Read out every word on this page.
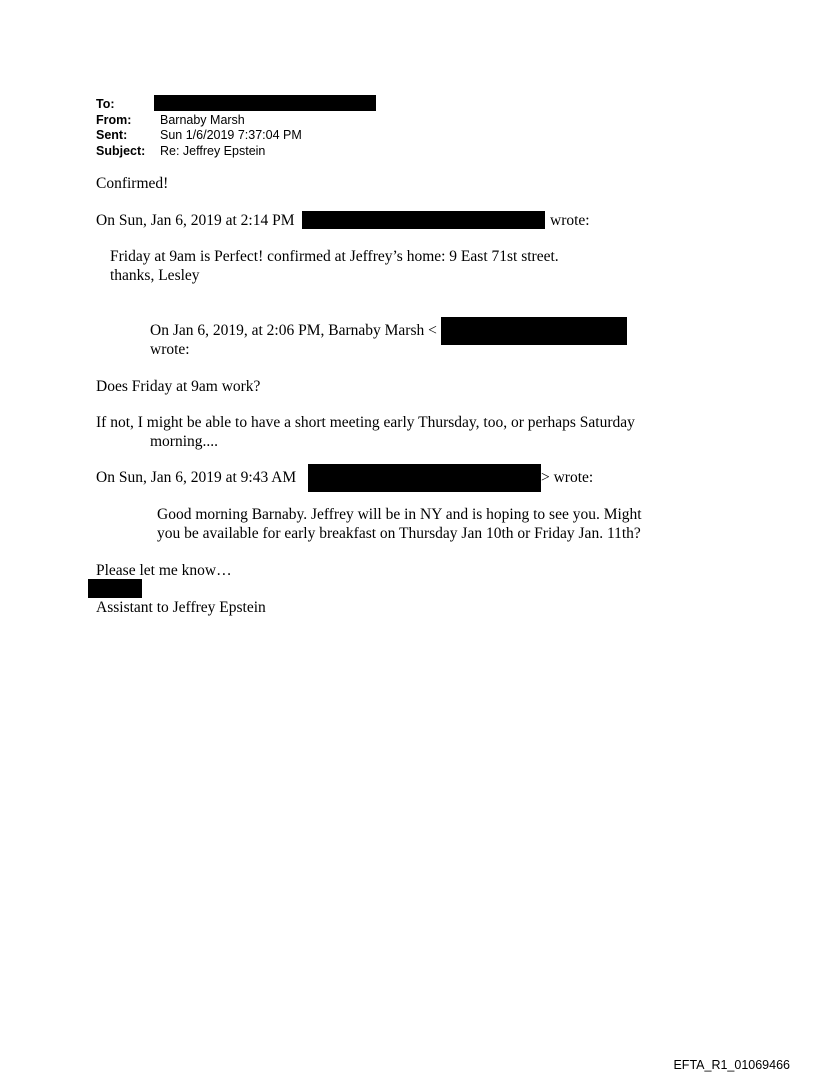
To:
From: Barnaby Marsh
Sent:	Sun 1/6/2019 7:37:04 PM
Subject: Re: Jeffrey Epstein
Confirmed!
On Sun, Jan 6, 2019 at 2:14 PM	wrote:
Friday at 9am is Perfect! confirmed at Jeffrey’s home: 9 East 71st street.
thanks, Lesley
On Jan 6, 2019, at 2:06 PM, Barnaby Marsh <
wrote:
Does Friday at 9am work?
If not, I might be able to have a short meeting early Thursday, too, or perhaps Saturday
morning....
On Sun, Jan 6, 2019 at 9:43 AM	> wrote:
Good morning Barnaby. Jeffrey will be in NY and is hoping to see you. Might
you be available for early breakfast on Thursday Jan 10th or Friday Jan. 11th?
Please let me know…
Assistant to Jeffrey Epstein
EFTA_R1_01069466
